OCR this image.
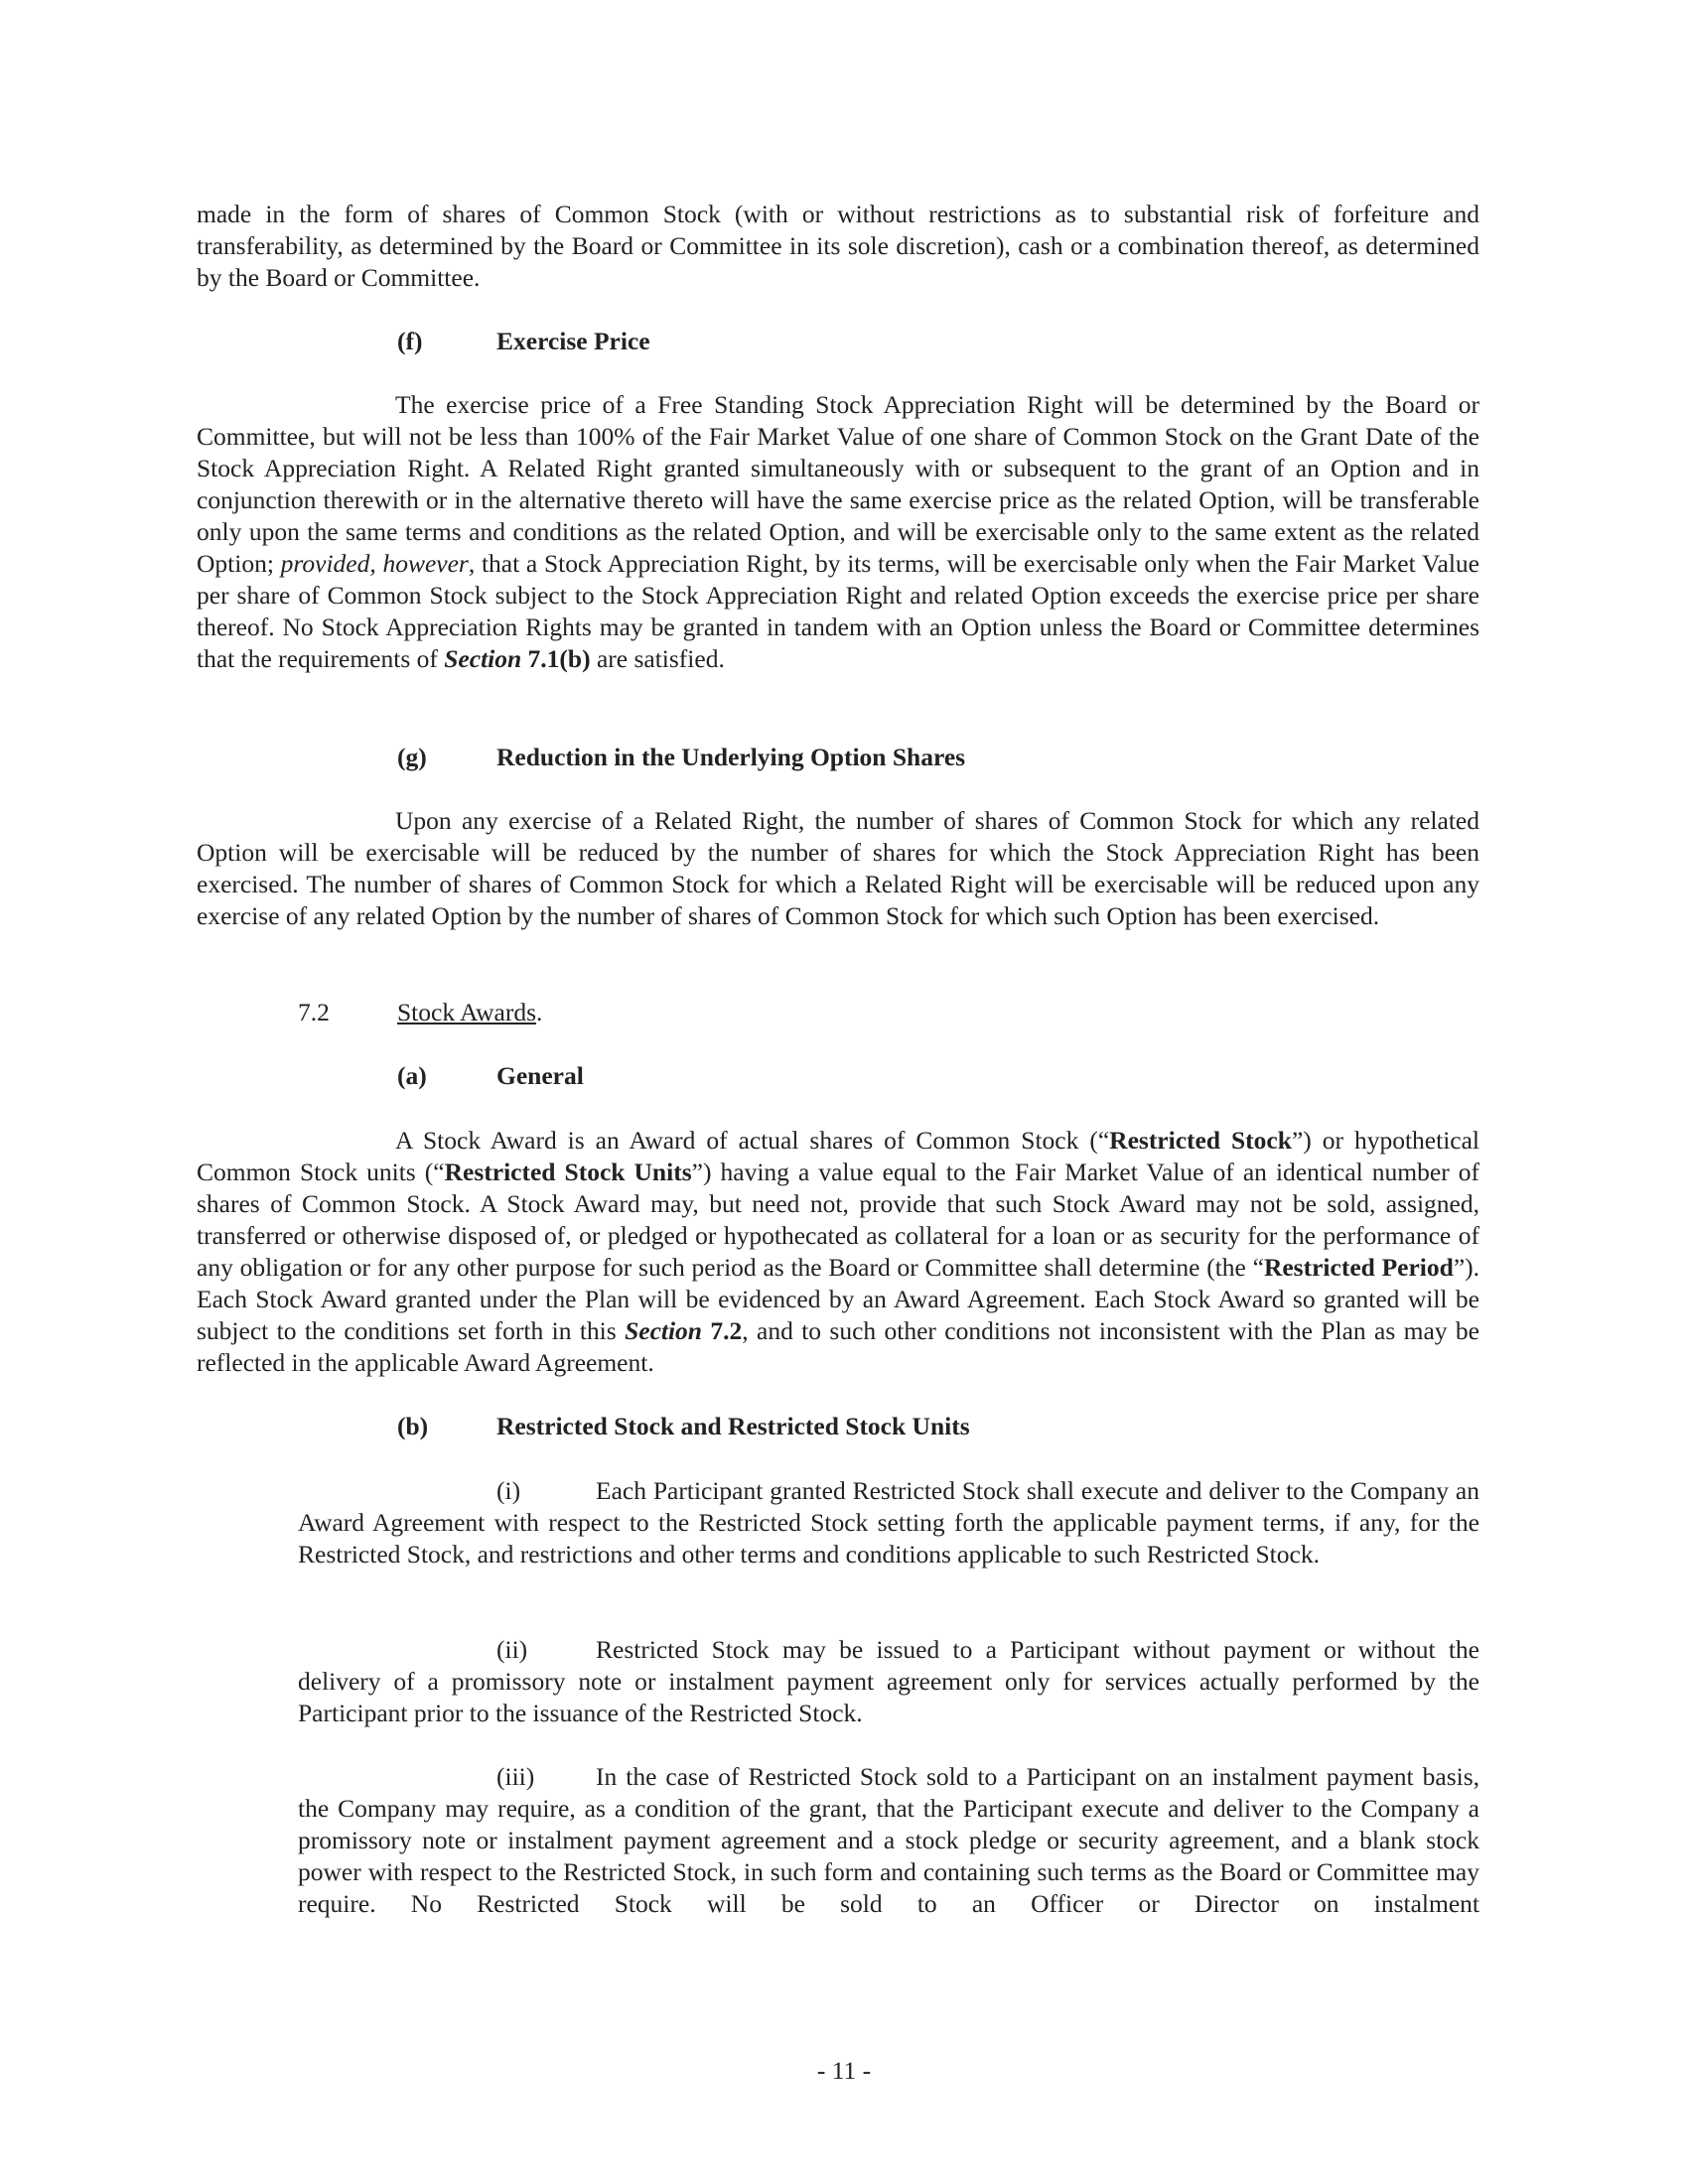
made in the form of shares of Common Stock (with or without restrictions as to substantial risk of forfeiture and transferability, as determined by the Board or Committee in its sole discretion), cash or a combination thereof, as determined by the Board or Committee.

(f)	Exercise Price

The exercise price of a Free Standing Stock Appreciation Right will be determined by the Board or Committee, but will not be less than 100% of the Fair Market Value of one share of Common Stock on the Grant Date of the Stock Appreciation Right. A Related Right granted simultaneously with or subsequent to the grant of an Option and in conjunction therewith or in the alternative thereto will have the same exercise price as the related Option, will be transferable only upon the same terms and conditions as the related Option, and will be exercisable only to the same extent as the related Option; provided, however, that a Stock Appreciation Right, by its terms, will be exercisable only when the Fair Market Value per share of Common Stock subject to the Stock Appreciation Right and related Option exceeds the exercise price per share thereof. No Stock Appreciation Rights may be granted in tandem with an Option unless the Board or Committee determines that the requirements of Section 7.1(b) are satisfied.

(g)	Reduction in the Underlying Option Shares

Upon any exercise of a Related Right, the number of shares of Common Stock for which any related Option will be exercisable will be reduced by the number of shares for which the Stock Appreciation Right has been exercised. The number of shares of Common Stock for which a Related Right will be exercisable will be reduced upon any exercise of any related Option by the number of shares of Common Stock for which such Option has been exercised.

7.2	Stock Awards.
(a)	General

A Stock Award is an Award of actual shares of Common Stock (“Restricted Stock”) or hypothetical Common Stock units (“Restricted Stock Units”) having a value equal to the Fair Market Value of an identical number of shares of Common Stock. A Stock Award may, but need not, provide that such Stock Award may not be sold, assigned, transferred or otherwise disposed of, or pledged or hypothecated as collateral for a loan or as security for the performance of any obligation or for any other purpose for such period as the Board or Committee shall determine (the “Restricted Period”). Each Stock Award granted under the Plan will be evidenced by an Award Agreement. Each Stock Award so granted will be subject to the conditions set forth in this Section 7.2, and to such other conditions not inconsistent with the Plan as may be reflected in the applicable Award Agreement.

(b)	Restricted Stock and Restricted Stock Units

(i)	Each Participant granted Restricted Stock shall execute and deliver to the Company an Award Agreement with respect to the Restricted Stock setting forth the applicable payment terms, if any, for the Restricted Stock, and restrictions and other terms and conditions applicable to such Restricted Stock.

(ii)	Restricted Stock may be issued to a Participant without payment or without the delivery of a promissory note or instalment payment agreement only for services actually performed by the Participant prior to the issuance of the Restricted Stock.

(iii) In the case of Restricted Stock sold to a Participant on an instalment payment basis, the Company may require, as a condition of the grant, that the Participant execute and deliver to the Company a promissory note or instalment payment agreement and a stock pledge or security agreement, and a blank stock power with respect to the Restricted Stock, in such form and containing such terms as the Board or Committee may require. No Restricted Stock will be sold to an Officer or Director on instalment

- 11 -
